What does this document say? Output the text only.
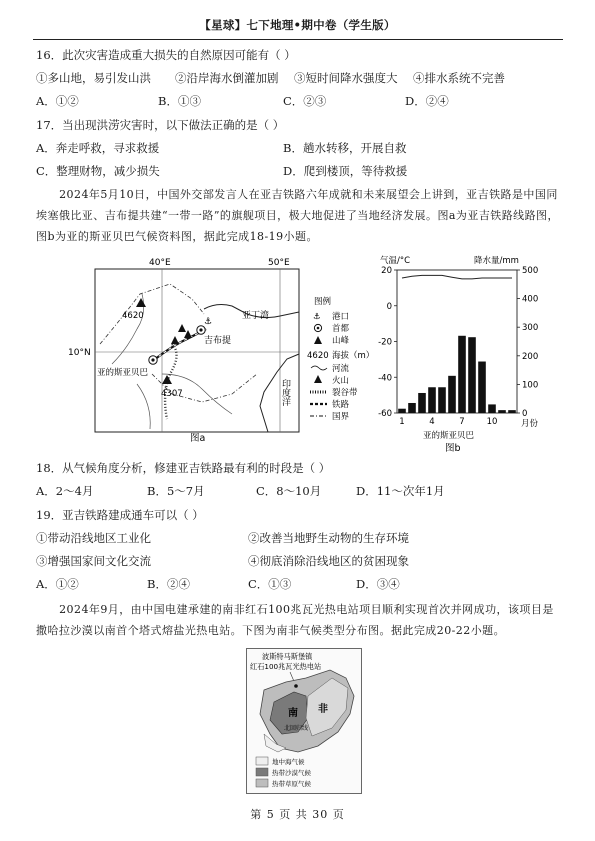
【星球】七下地理•期中卷（学生版）
16．此次灾害造成重大损失的自然原因可能有（ ）
①多山地，易引发山洪 ②沿岸海水倒灌加剧 ③短时间降水强度大 ④排水系统不完善
A．①②	B．①③	C．②③	D．②④
17．当出现洪涝灾害时，以下做法正确的是（ ）
A．奔走呼救，寻求救援	B．趟水转移，开展自救
C．整理财物，减少损失	D．爬到楼顶，等待救援
2024年5月10日，中国外交部发言人在亚吉铁路六年成就和未来展望会上讲到，亚吉铁路是中国同埃塞俄比亚、吉布提共建“一带一路”的旗舰项目，极大地促进了当地经济发展。图a为亚吉铁路线路图，图b为亚的斯亚贝巴气候资料图，据此完成18-19小题。
40°E	50°E
4620
4307
吉布提
⚓
亚的斯亚贝巴
10°N
亚丁湾
印度洋
图例
⚓ 港口
首都
山峰
4620 海拔（m）
河流
火山
裂谷带
铁路
国界
图a
气温/°C	降水量/mm
20
0
-20
-40
-60
500
400
300
200
100
0
1	4	7	10	月份
亚的斯亚贝巴
图b
18．从气候角度分析，修建亚吉铁路最有利的时段是（ ）
A．2～4月	B．5～7月	C．8～10月	D．11～次年1月
19．亚吉铁路建成通车可以（ ）
①带动沿线地区工业化	②改善当地野生动物的生存环境
③增强国家间文化交流	④彻底消除沿线地区的贫困现象
A．①②	B．②④	C．①③	D．③④
2024年9月，由中国电建承建的南非红石100兆瓦光热电站项目顺利实现首次并网成功，该项目是撒哈拉沙漠以南首个塔式熔盐光热电站。下图为南非气候类型分布图。据此完成20-22小题。
波斯特马斯堡镇
红石100兆瓦光热电站
南 非
北回归线
地中海气候
热带沙漠气候
热带草原气候
第 5 页 共 30 页
